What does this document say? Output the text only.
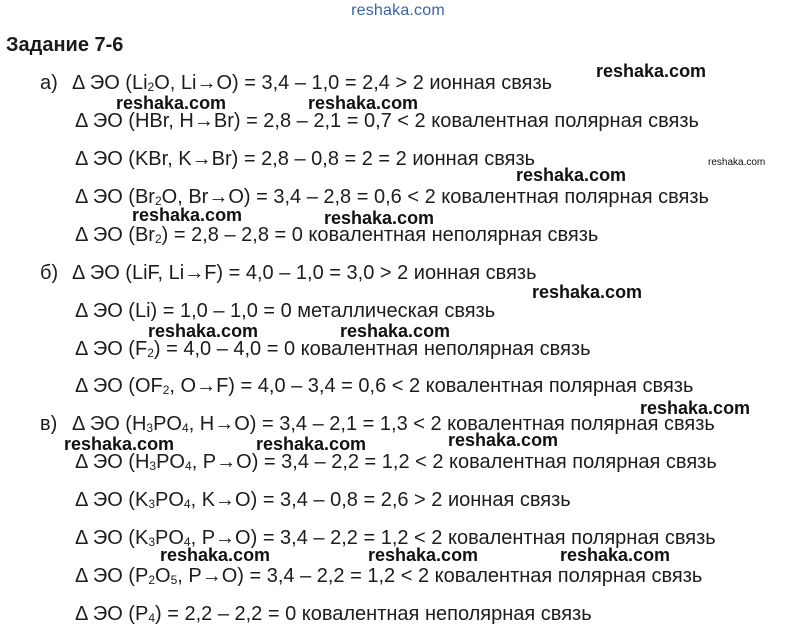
reshaka.com
Задание 7-6
а) Δ ЭО ($Li_2O$, Li→O) = 3,4 – 1,0 = 2,4 > 2 ионная связь
Δ ЭО (HBr, H→Br) = 2,8 – 2,1 = 0,7 < 2 ковалентная полярная связь
Δ ЭО (KBr, K→Br) = 2,8 – 0,8 = 2 = 2 ионная связь
Δ ЭО ($Br_2O$, Br→O) = 3,4 – 2,8 = 0,6 < 2 ковалентная полярная связь
Δ ЭО $(Br_2) = 2,8 - 2,8 = 0$ ковалентная неполярная связь
б) Δ ЭО (LiF, Li→F) = 4,0 – 1,0 = 3,0 > 2 ионная связь
Δ ЭО (Li) = 1,0 – 1,0 = 0 металлическая связь
Δ ЭО $(F_2) = 4,0 - 4,0 = 0$ ковалентная неполярная связь
Δ ЭО ($OF_2$, O→F) = 4,0 – 3,4 = 0,6 < 2 ковалентная полярная связь
в) Δ ЭО ($H_3PO_4$, H→O) = 3,4 – 2,1 = 1,3 < 2 ковалентная полярная связь
Δ ЭО ($H_3PO_4$, P→O) = 3,4 – 2,2 = 1,2 < 2 ковалентная полярная связь
Δ ЭО ($K_3PO_4$, K→O) = 3,4 – 0,8 = 2,6 > 2 ионная связь
Δ ЭО ($K_3PO_4$, P→O) = 3,4 – 2,2 = 1,2 < 2 ковалентная полярная связь
Δ ЭО ($P_2O_5$, P→O) = 3,4 – 2,2 = 1,2 < 2 ковалентная полярная связь
Δ ЭО $(P_4) = 2,2 - 2,2 = 0$ ковалентная неполярная связь
reshaka.com
reshaka.com	reshaka.com
reshaka.com
reshaka.com
reshaka.com	reshaka.com
reshaka.com
reshaka.com	reshaka.com
reshaka.com
reshaka.com	reshaka.com	reshaka.com
reshaka.com	reshaka.com	reshaka.com
